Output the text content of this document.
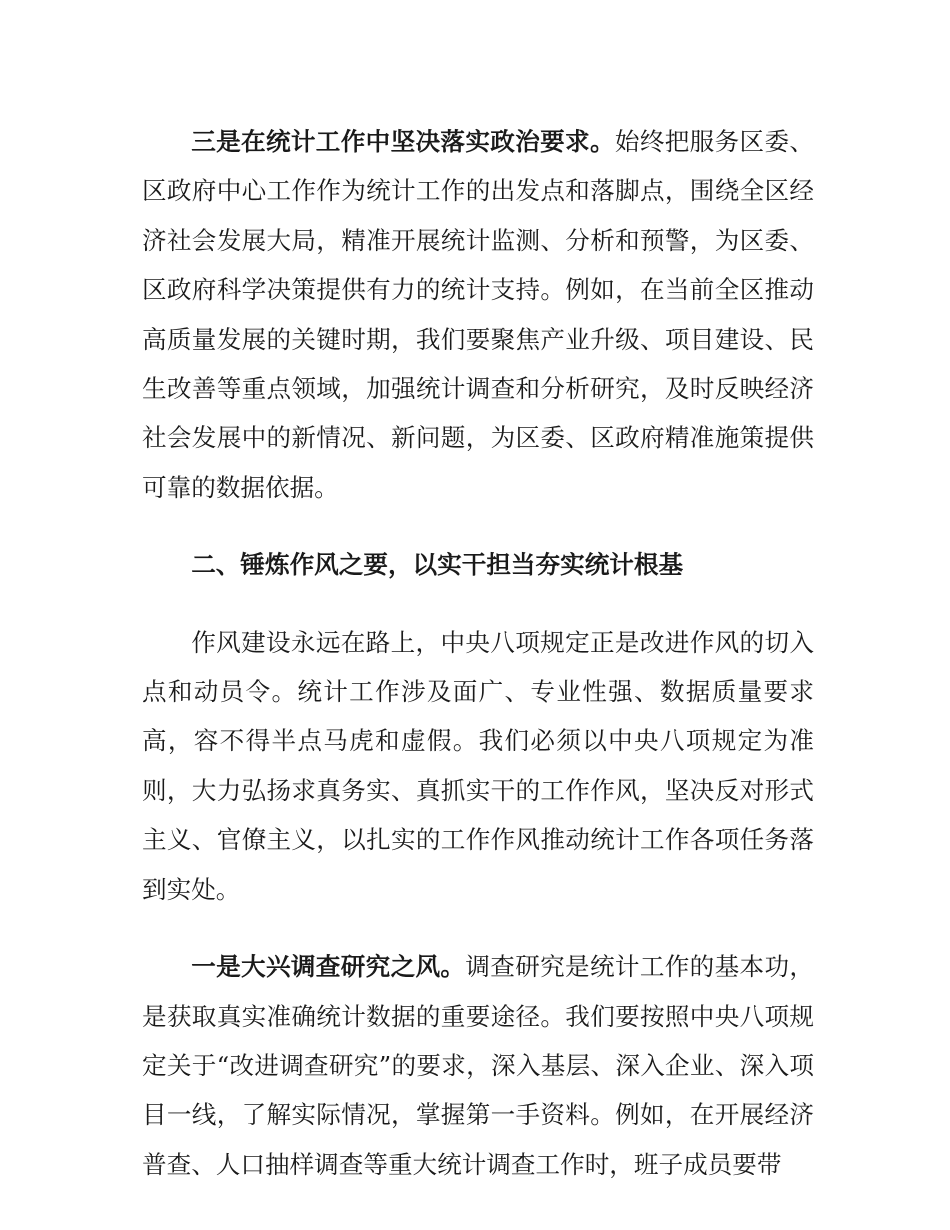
三是在统计工作中坚决落实政治要求。始终把服务区委、区政府中心工作作为统计工作的出发点和落脚点，围绕全区经济社会发展大局，精准开展统计监测、分析和预警，为区委、区政府科学决策提供有力的统计支持。例如，在当前全区推动高质量发展的关键时期，我们要聚焦产业升级、项目建设、民生改善等重点领域，加强统计调查和分析研究，及时反映经济社会发展中的新情况、新问题，为区委、区政府精准施策提供可靠的数据依据。

二、锤炼作风之要，以实干担当夯实统计根基

作风建设永远在路上，中央八项规定正是改进作风的切入点和动员令。统计工作涉及面广、专业性强、数据质量要求高，容不得半点马虎和虚假。我们必须以中央八项规定为准则，大力弘扬求真务实、真抓实干的工作作风，坚决反对形式主义、官僚主义，以扎实的工作作风推动统计工作各项任务落到实处。

一是大兴调查研究之风。调查研究是统计工作的基本功，是获取真实准确统计数据的重要途径。我们要按照中央八项规定关于“改进调查研究”的要求，深入基层、深入企业、深入项目一线，了解实际情况，掌握第一手资料。例如，在开展经济普查、人口抽样调查等重大统计调查工作时，班子成员要带
